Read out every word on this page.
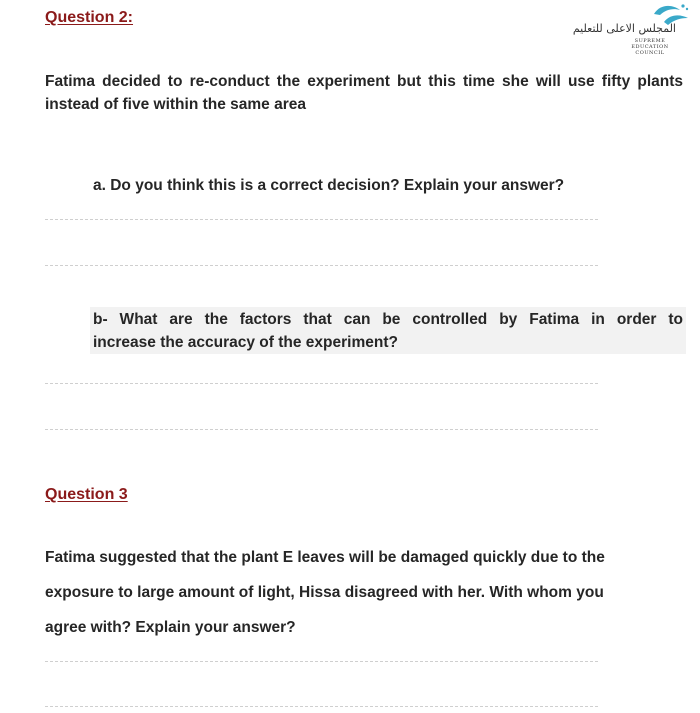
Question 2:
المجلس الاعلى للتعليم
SUPREME
EDUCATION
COUNCIL
Fatima decided to re-conduct the experiment but this time she will use fifty plants instead of five within the same area
a. Do you think this is a correct decision? Explain your answer?
b- What are the factors that can be controlled by Fatima in order to
increase the accuracy of the experiment?
Question 3
Fatima suggested that the plant E leaves will be damaged quickly due to the
exposure to large amount of light, Hissa disagreed with her. With whom you
agree with? Explain your answer?
